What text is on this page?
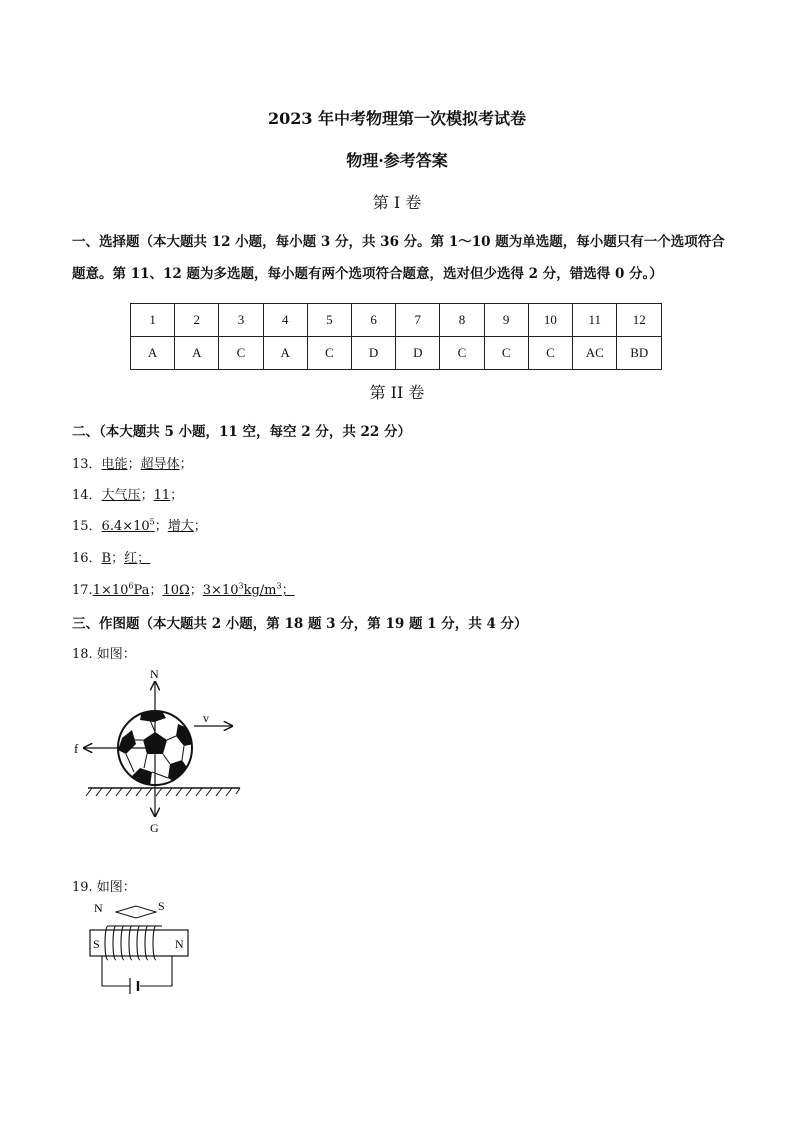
2023 年中考物理第一次模拟考试卷
物理·参考答案
第 I 卷
一、选择题（本大题共 12 小题，每小题 3 分，共 36 分。第 1～10 题为单选题，每小题只有一个选项符合
题意。第 11、12 题为多选题，每小题有两个选项符合题意，选对但少选得 2 分，错选得 0 分。）
1	2	3	4	5	6	7	8	9	10	11	12
A	A	C	A	C	D	D	C	C	C	AC	BD
第 II 卷
二、（本大题共 5 小题，11 空，每空 2 分，共 22 分）
13．电能；超导体；
14．大气压；11；
15．$6.4\times 10^5$；增大；
16．B；红；
$17.1\times 10^6Pa$；10Ω；$3\times 10^3kg/m^3$；
三、作图题（本大题共 2 小题，第 18 题 3 分，第 19 题 1 分，共 4 分）
18. 如图：
N
G
f
v
19. 如图：
N	S
S	N
